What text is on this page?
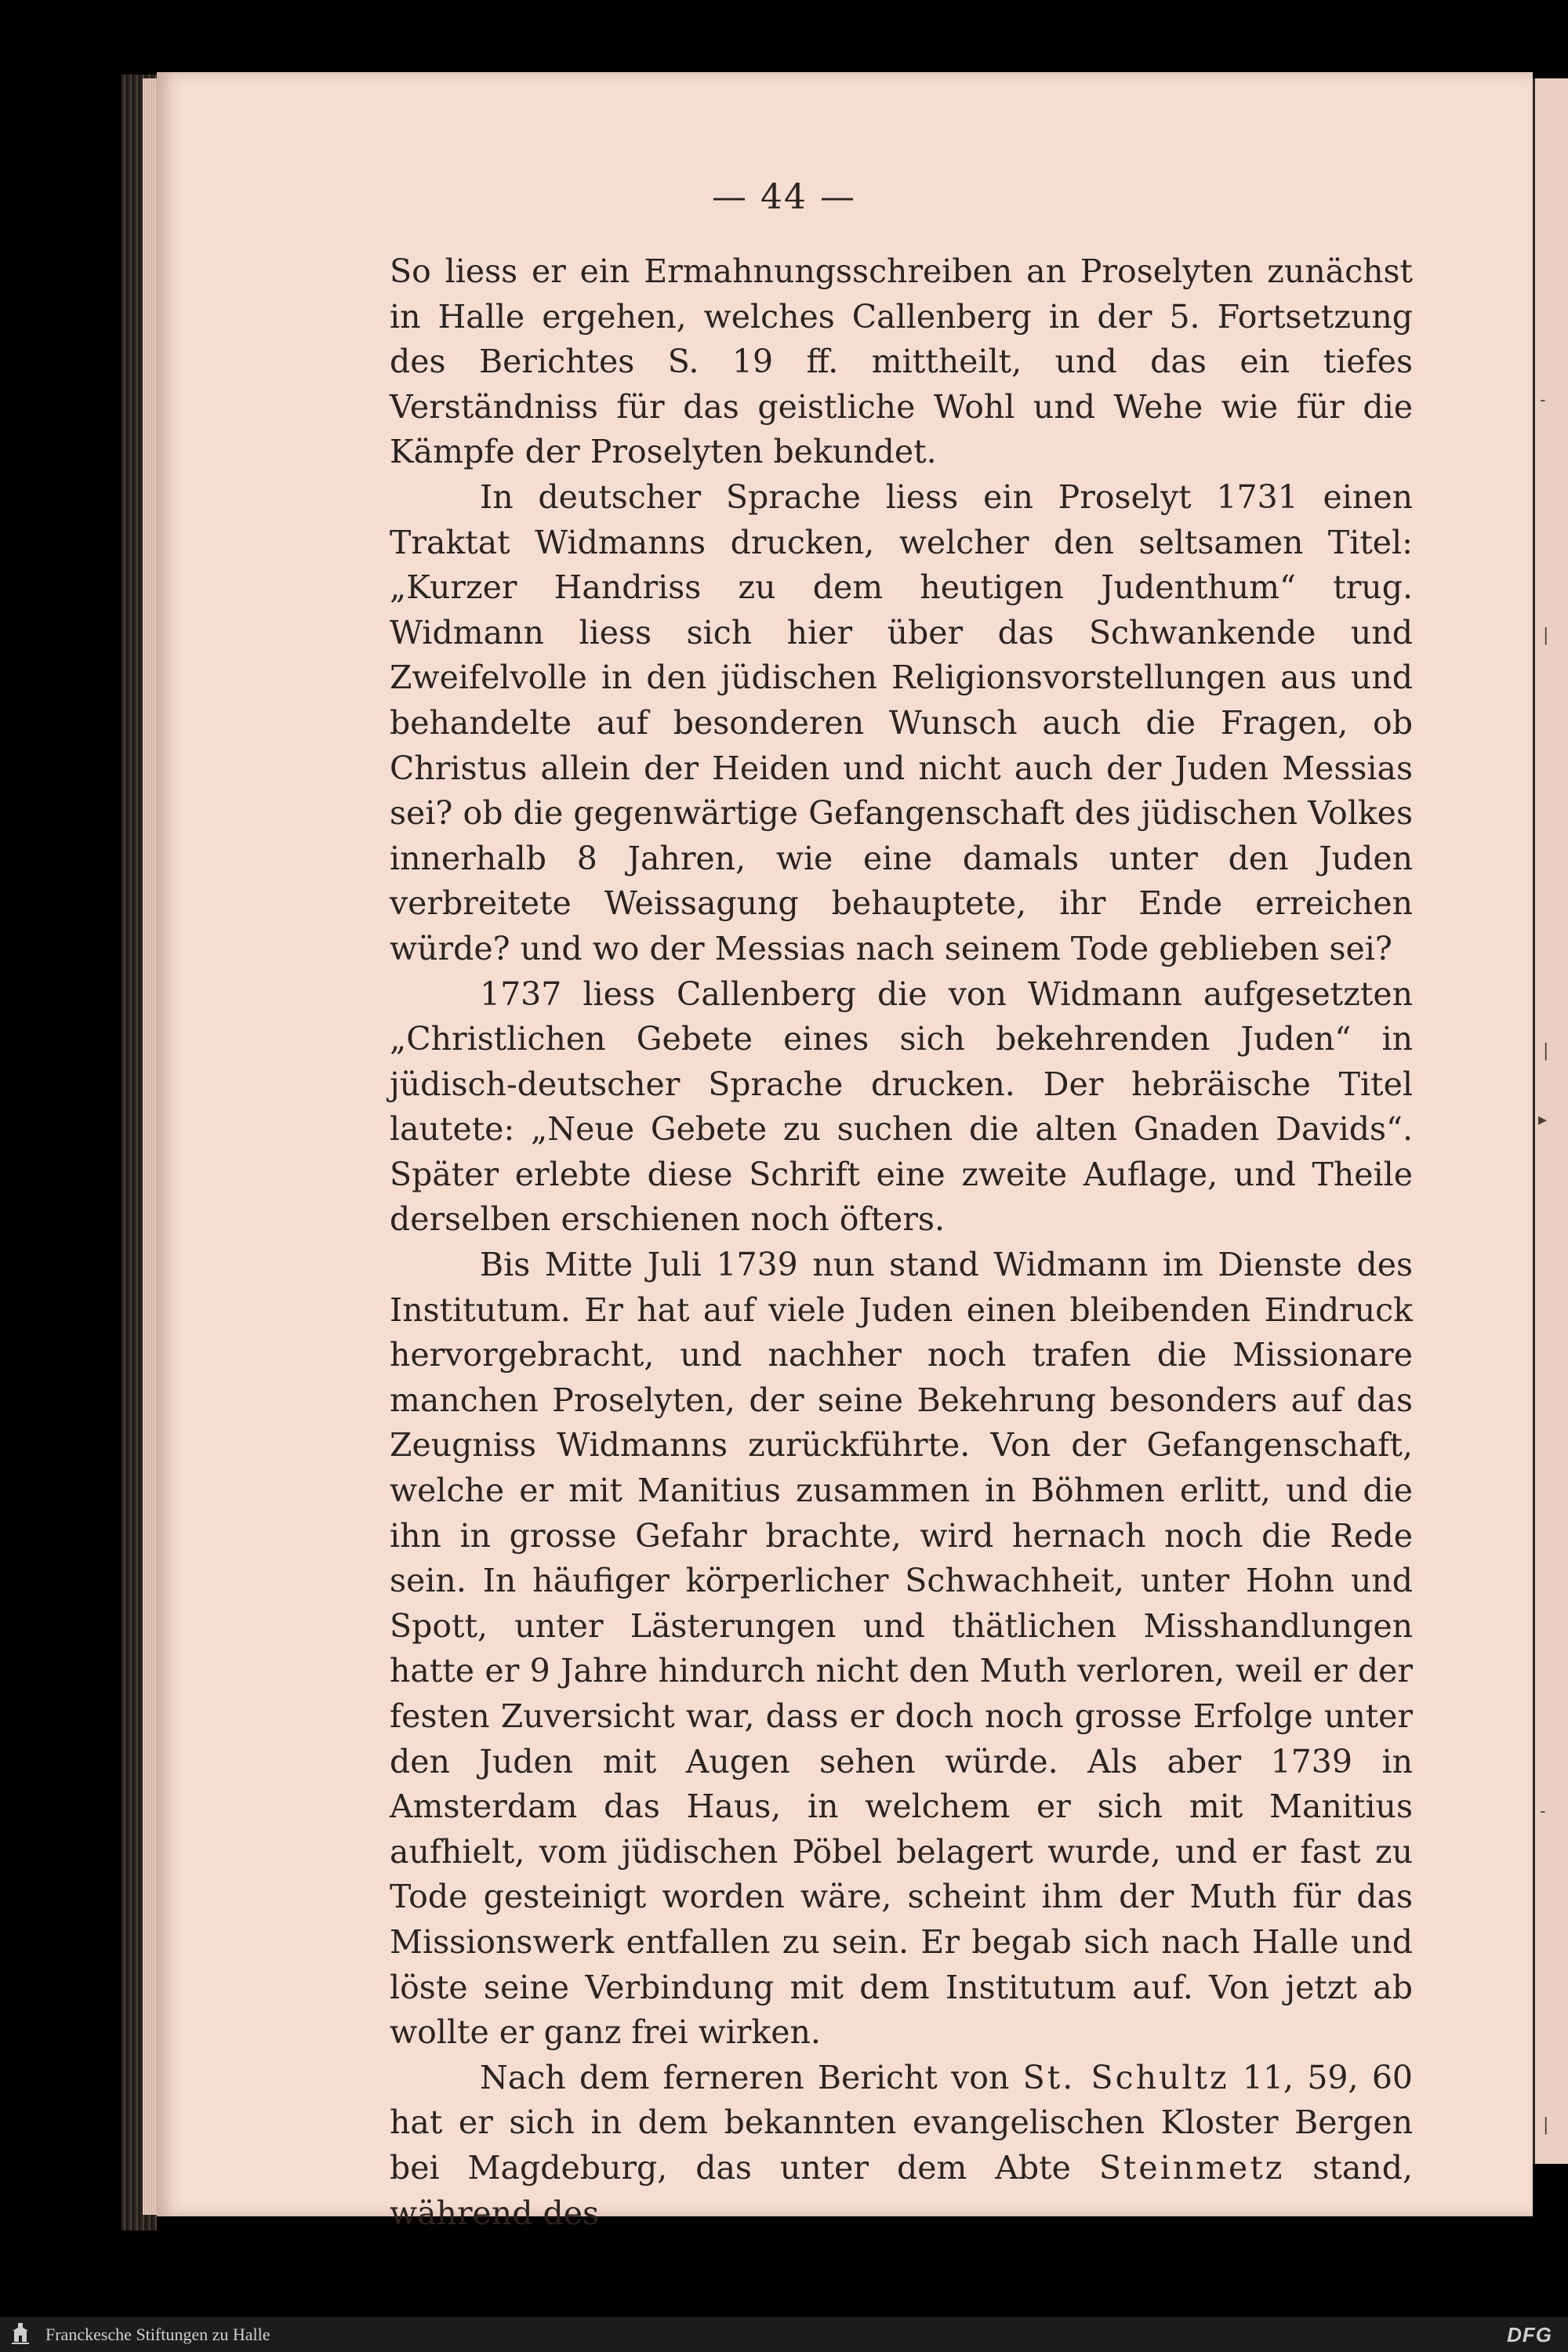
-
|
|
▸
-
|
— 44 —

So liess er ein Ermahnungsschreiben an Proselyten zunächst in Halle ergehen, welches Callenberg in der 5. Fortsetzung des Berichtes S. 19 ff. mittheilt, und das ein tiefes Verständniss für das geistliche Wohl und Wehe wie für die Kämpfe der Proselyten bekundet.

In deutscher Sprache liess ein Proselyt 1731 einen Traktat Widmanns drucken, welcher den seltsamen Titel: „Kurzer Handriss zu dem heutigen Judenthum“ trug. Widmann liess sich hier über das Schwankende und Zweifelvolle in den jüdischen Religionsvorstellungen aus und behandelte auf besonderen Wunsch auch die Fragen, ob Christus allein der Heiden und nicht auch der Juden Messias sei? ob die gegenwärtige Gefangenschaft des jüdischen Volkes innerhalb 8 Jahren, wie eine damals unter den Juden verbreitete Weissagung behauptete, ihr Ende erreichen würde? und wo der Messias nach seinem Tode geblieben sei?

1737 liess Callenberg die von Widmann aufgesetzten „Christlichen Gebete eines sich bekehrenden Juden“ in jüdisch-deutscher Sprache drucken. Der hebräische Titel lautete: „Neue Gebete zu suchen die alten Gnaden Davids“. Später erlebte diese Schrift eine zweite Auflage, und Theile derselben erschienen noch öfters.

Bis Mitte Juli 1739 nun stand Widmann im Dienste des Institutum. Er hat auf viele Juden einen bleibenden Eindruck hervorgebracht, und nachher noch trafen die Missionare manchen Proselyten, der seine Bekehrung besonders auf das Zeugniss Widmanns zurückführte. Von der Gefangenschaft, welche er mit Manitius zusammen in Böhmen erlitt, und die ihn in grosse Gefahr brachte, wird hernach noch die Rede sein. In häufiger körperlicher Schwachheit, unter Hohn und Spott, unter Lästerungen und thätlichen Misshandlungen hatte er 9 Jahre hindurch nicht den Muth verloren, weil er der festen Zuversicht war, dass er doch noch grosse Erfolge unter den Juden mit Augen sehen würde. Als aber 1739 in Amsterdam das Haus, in welchem er sich mit Manitius aufhielt, vom jüdischen Pöbel belagert wurde, und er fast zu Tode gesteinigt worden wäre, scheint ihm der Muth für das Missionswerk entfallen zu sein. Er begab sich nach Halle und löste seine Verbindung mit dem Institutum auf. Von jetzt ab wollte er ganz frei wirken.

Nach dem ferneren Bericht von St. Schultz 11, 59, 60 hat er sich in dem bekannten evangelischen Kloster Bergen bei Magdeburg, das unter dem Abte Steinmetz stand, während des

Franckesche Stiftungen zu Halle	DFG
